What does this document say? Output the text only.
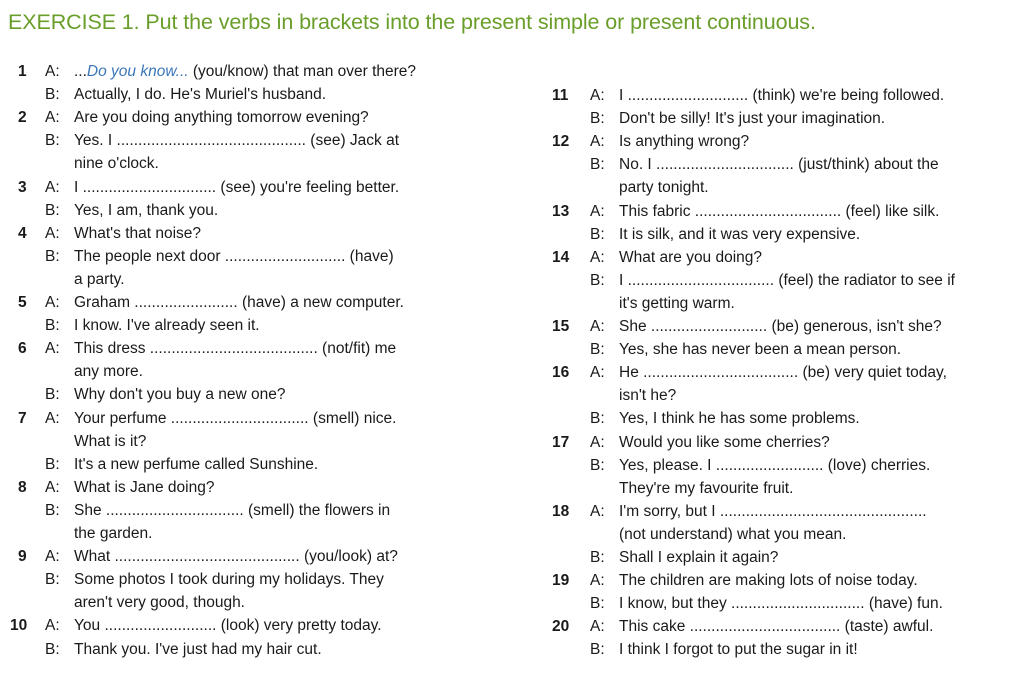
EXERCISE 1. Put the verbs in brackets into the present simple or present continuous.
1 A: ...Do you know... (you/know) that man over there?
B: Actually, I do. He's Muriel's husband.
2 A: Are you doing anything tomorrow evening?
B: Yes. I ............................................ (see) Jack at
nine o'clock.
3 A: I ............................... (see) you're feeling better.
B: Yes, I am, thank you.
4 A: What's that noise?
B: The people next door ............................ (have)
a party.
5 A: Graham ........................ (have) a new computer.
B: I know. I've already seen it.
6 A: This dress ....................................... (not/fit) me
any more.
B: Why don't you buy a new one?
7 A: Your perfume ................................ (smell) nice.
What is it?
B: It's a new perfume called Sunshine.
8 A: What is Jane doing?
B: She ................................ (smell) the flowers in
the garden.
9 A: What ........................................... (you/look) at?
B: Some photos I took during my holidays. They
aren't very good, though.
10 A: You .......................... (look) very pretty today.
B: Thank you. I've just had my hair cut.
11 A: I ............................ (think) we're being followed.
B: Don't be silly! It's just your imagination.
12 A: Is anything wrong?
B: No. I ................................ (just/think) about the
party tonight.
13 A: This fabric .................................. (feel) like silk.
B: It is silk, and it was very expensive.
14 A: What are you doing?
B: I .................................. (feel) the radiator to see if
it's getting warm.
15 A: She ........................... (be) generous, isn't she?
B: Yes, she has never been a mean person.
16 A: He .................................... (be) very quiet today,
isn't he?
B: Yes, I think he has some problems.
17 A: Would you like some cherries?
B: Yes, please. I ......................... (love) cherries.
They're my favourite fruit.
18 A: I'm sorry, but I ................................................
(not understand) what you mean.
B: Shall I explain it again?
19 A: The children are making lots of noise today.
B: I know, but they ............................... (have) fun.
20 A: This cake ................................... (taste) awful.
B: I think I forgot to put the sugar in it!
